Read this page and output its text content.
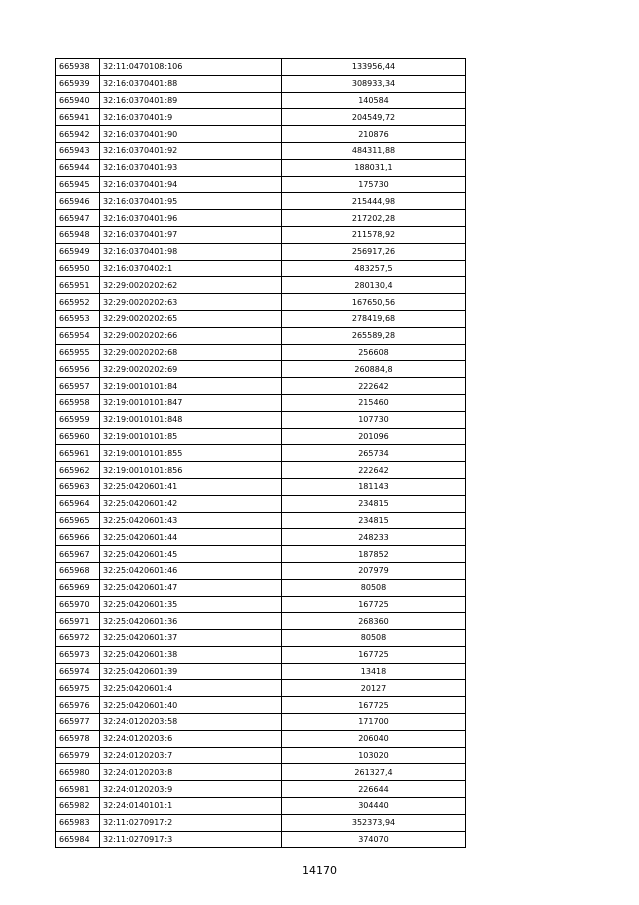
665938	32:11:0470108:106	133956,44
665939	32:16:0370401:88	308933,34
665940	32:16:0370401:89	140584
665941	32:16:0370401:9	204549,72
665942	32:16:0370401:90	210876
665943	32:16:0370401:92	484311,88
665944	32:16:0370401:93	188031,1
665945	32:16:0370401:94	175730
665946	32:16:0370401:95	215444,98
665947	32:16:0370401:96	217202,28
665948	32:16:0370401:97	211578,92
665949	32:16:0370401:98	256917,26
665950	32:16:0370402:1	483257,5
665951	32:29:0020202:62	280130,4
665952	32:29:0020202:63	167650,56
665953	32:29:0020202:65	278419,68
665954	32:29:0020202:66	265589,28
665955	32:29:0020202:68	256608
665956	32:29:0020202:69	260884,8
665957	32:19:0010101:84	222642
665958	32:19:0010101:847	215460
665959	32:19:0010101:848	107730
665960	32:19:0010101:85	201096
665961	32:19:0010101:855	265734
665962	32:19:0010101:856	222642
665963	32:25:0420601:41	181143
665964	32:25:0420601:42	234815
665965	32:25:0420601:43	234815
665966	32:25:0420601:44	248233
665967	32:25:0420601:45	187852
665968	32:25:0420601:46	207979
665969	32:25:0420601:47	80508
665970	32:25:0420601:35	167725
665971	32:25:0420601:36	268360
665972	32:25:0420601:37	80508
665973	32:25:0420601:38	167725
665974	32:25:0420601:39	13418
665975	32:25:0420601:4	20127
665976	32:25:0420601:40	167725
665977	32:24:0120203:58	171700
665978	32:24:0120203:6	206040
665979	32:24:0120203:7	103020
665980	32:24:0120203:8	261327,4
665981	32:24:0120203:9	226644
665982	32:24:0140101:1	304440
665983	32:11:0270917:2	352373,94
665984	32:11:0270917:3	374070
14170
